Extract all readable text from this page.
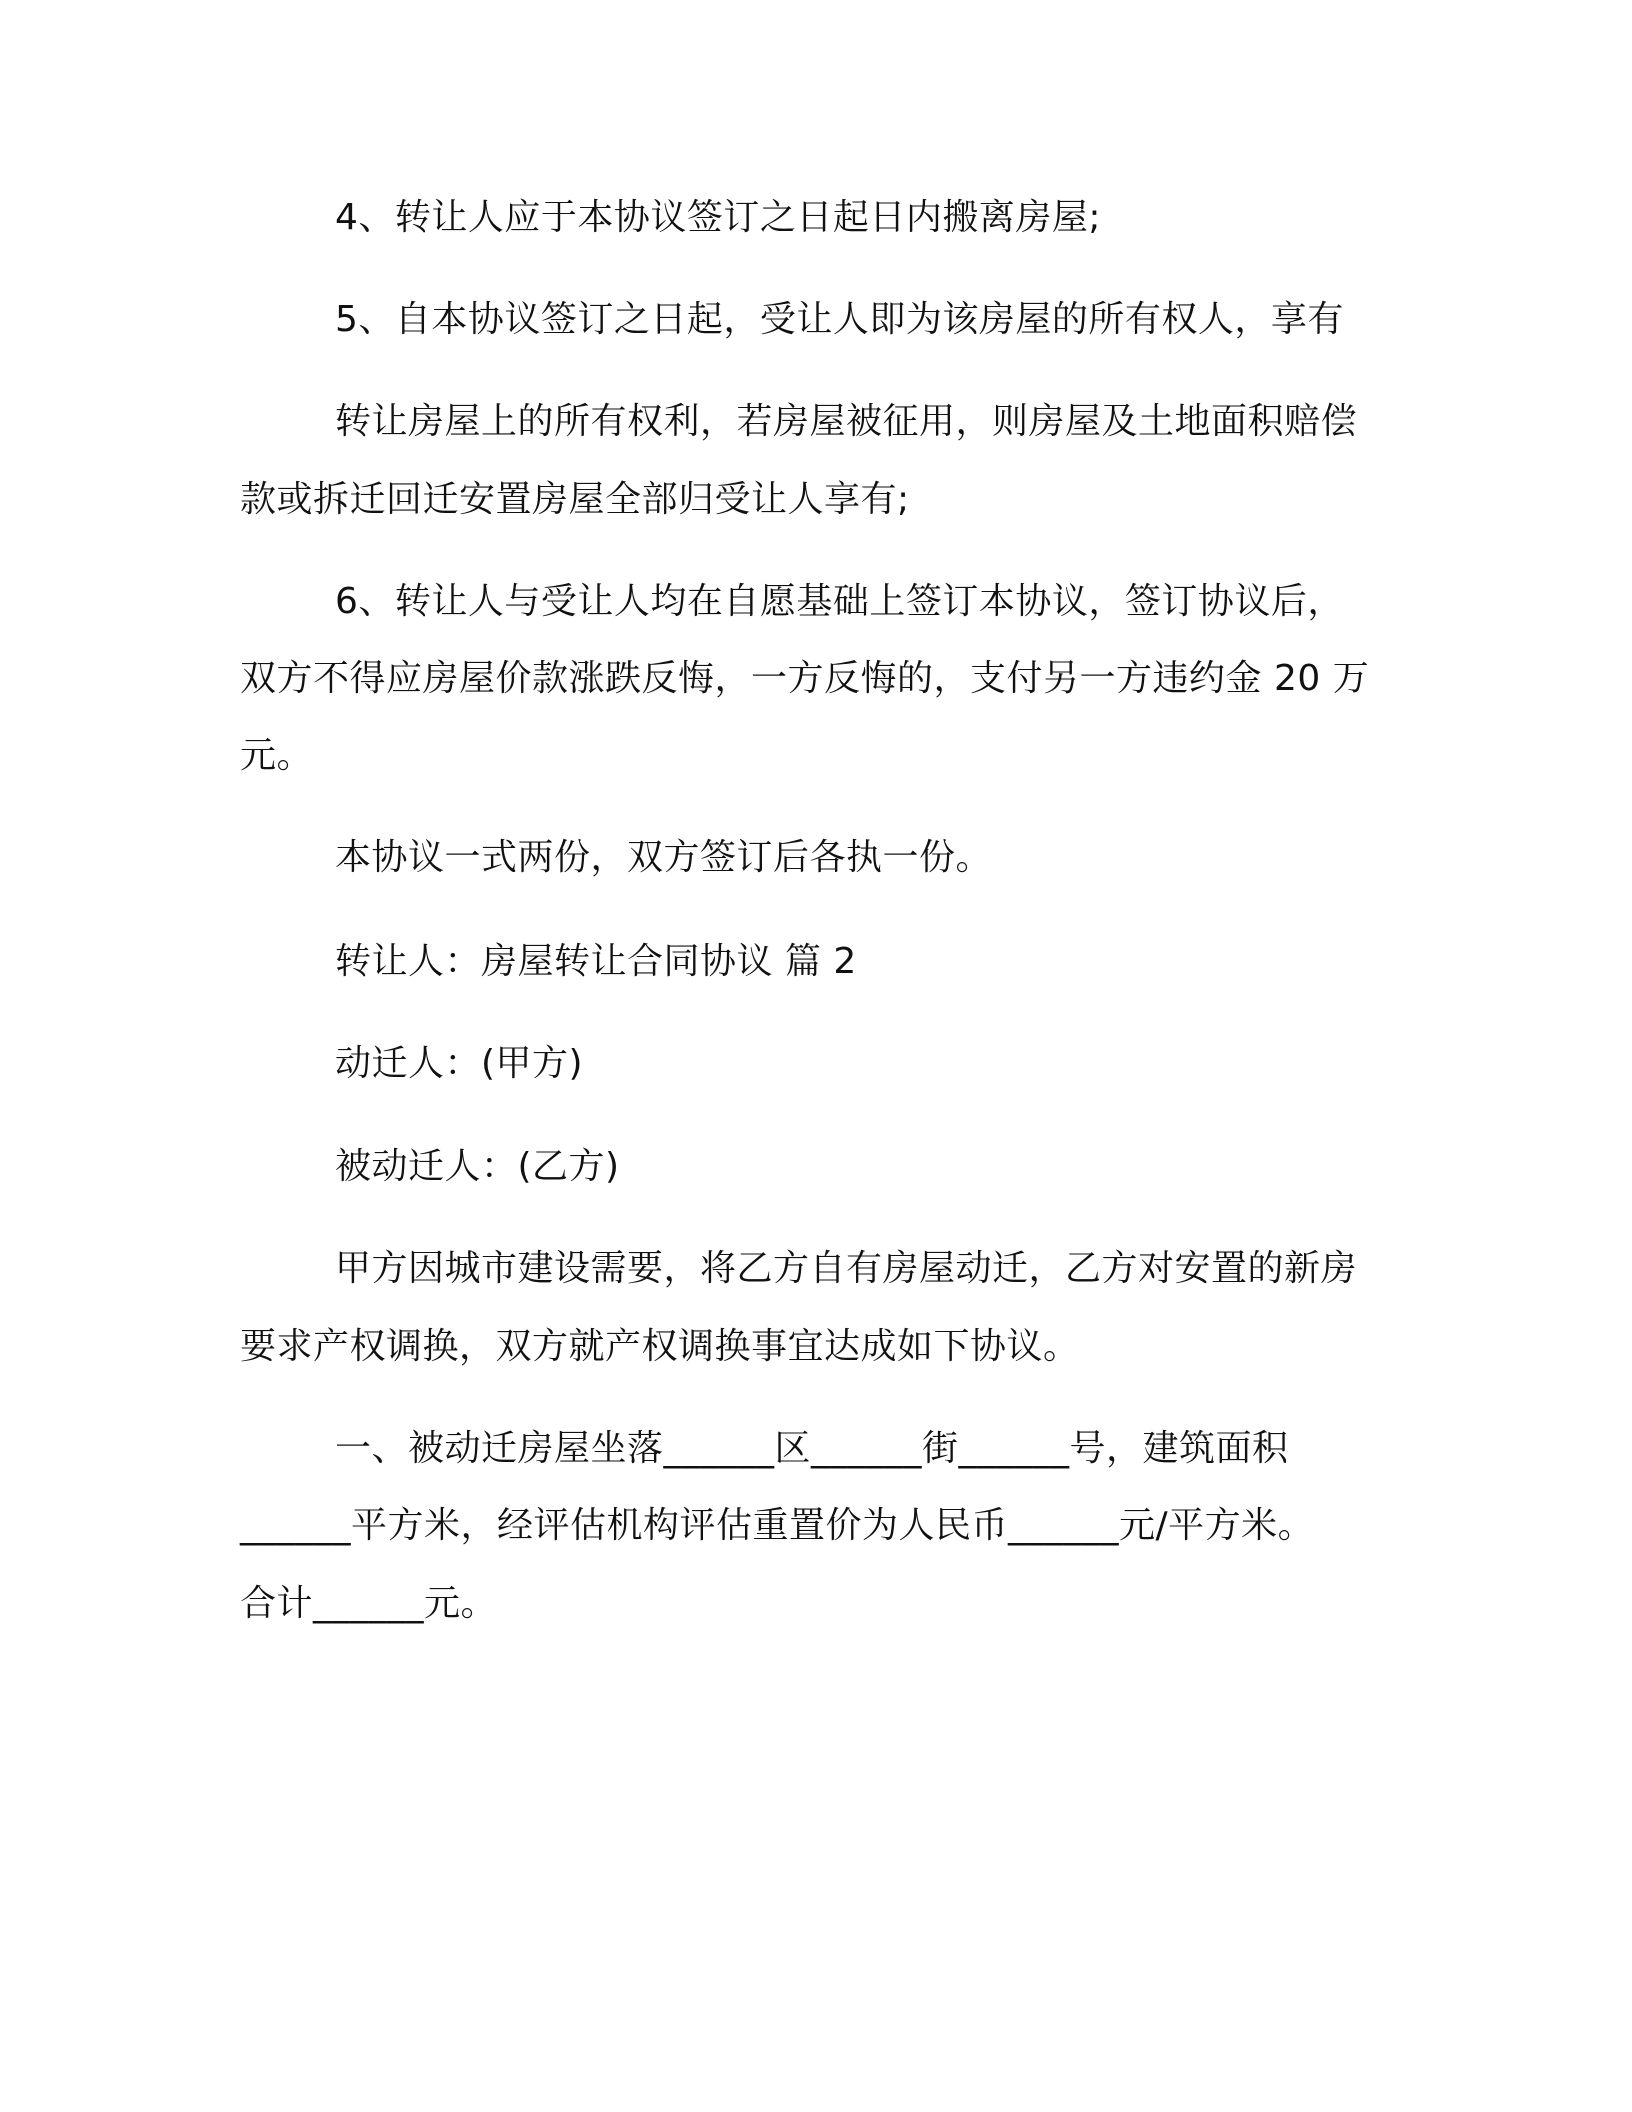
4、转让人应于本协议签订之日起日内搬离房屋;
5、自本协议签订之日起，受让人即为该房屋的所有权人，享有
转让房屋上的所有权利，若房屋被征用，则房屋及土地面积赔偿
款或拆迁回迁安置房屋全部归受让人享有;
6、转让人与受让人均在自愿基础上签订本协议，签订协议后，
双方不得应房屋价款涨跌反悔，一方反悔的，支付另一方违约金 20 万
元。
本协议一式两份，双方签订后各执一份。
转让人：房屋转让合同协议 篇 2
动迁人：(甲方)
被动迁人：(乙方)
甲方因城市建设需要，将乙方自有房屋动迁，乙方对安置的新房
要求产权调换，双方就产权调换事宜达成如下协议。
一、被动迁房屋坐落______区______街______号，建筑面积
______平方米，经评估机构评估重置价为人民币______元/平方米。
合计______元。
